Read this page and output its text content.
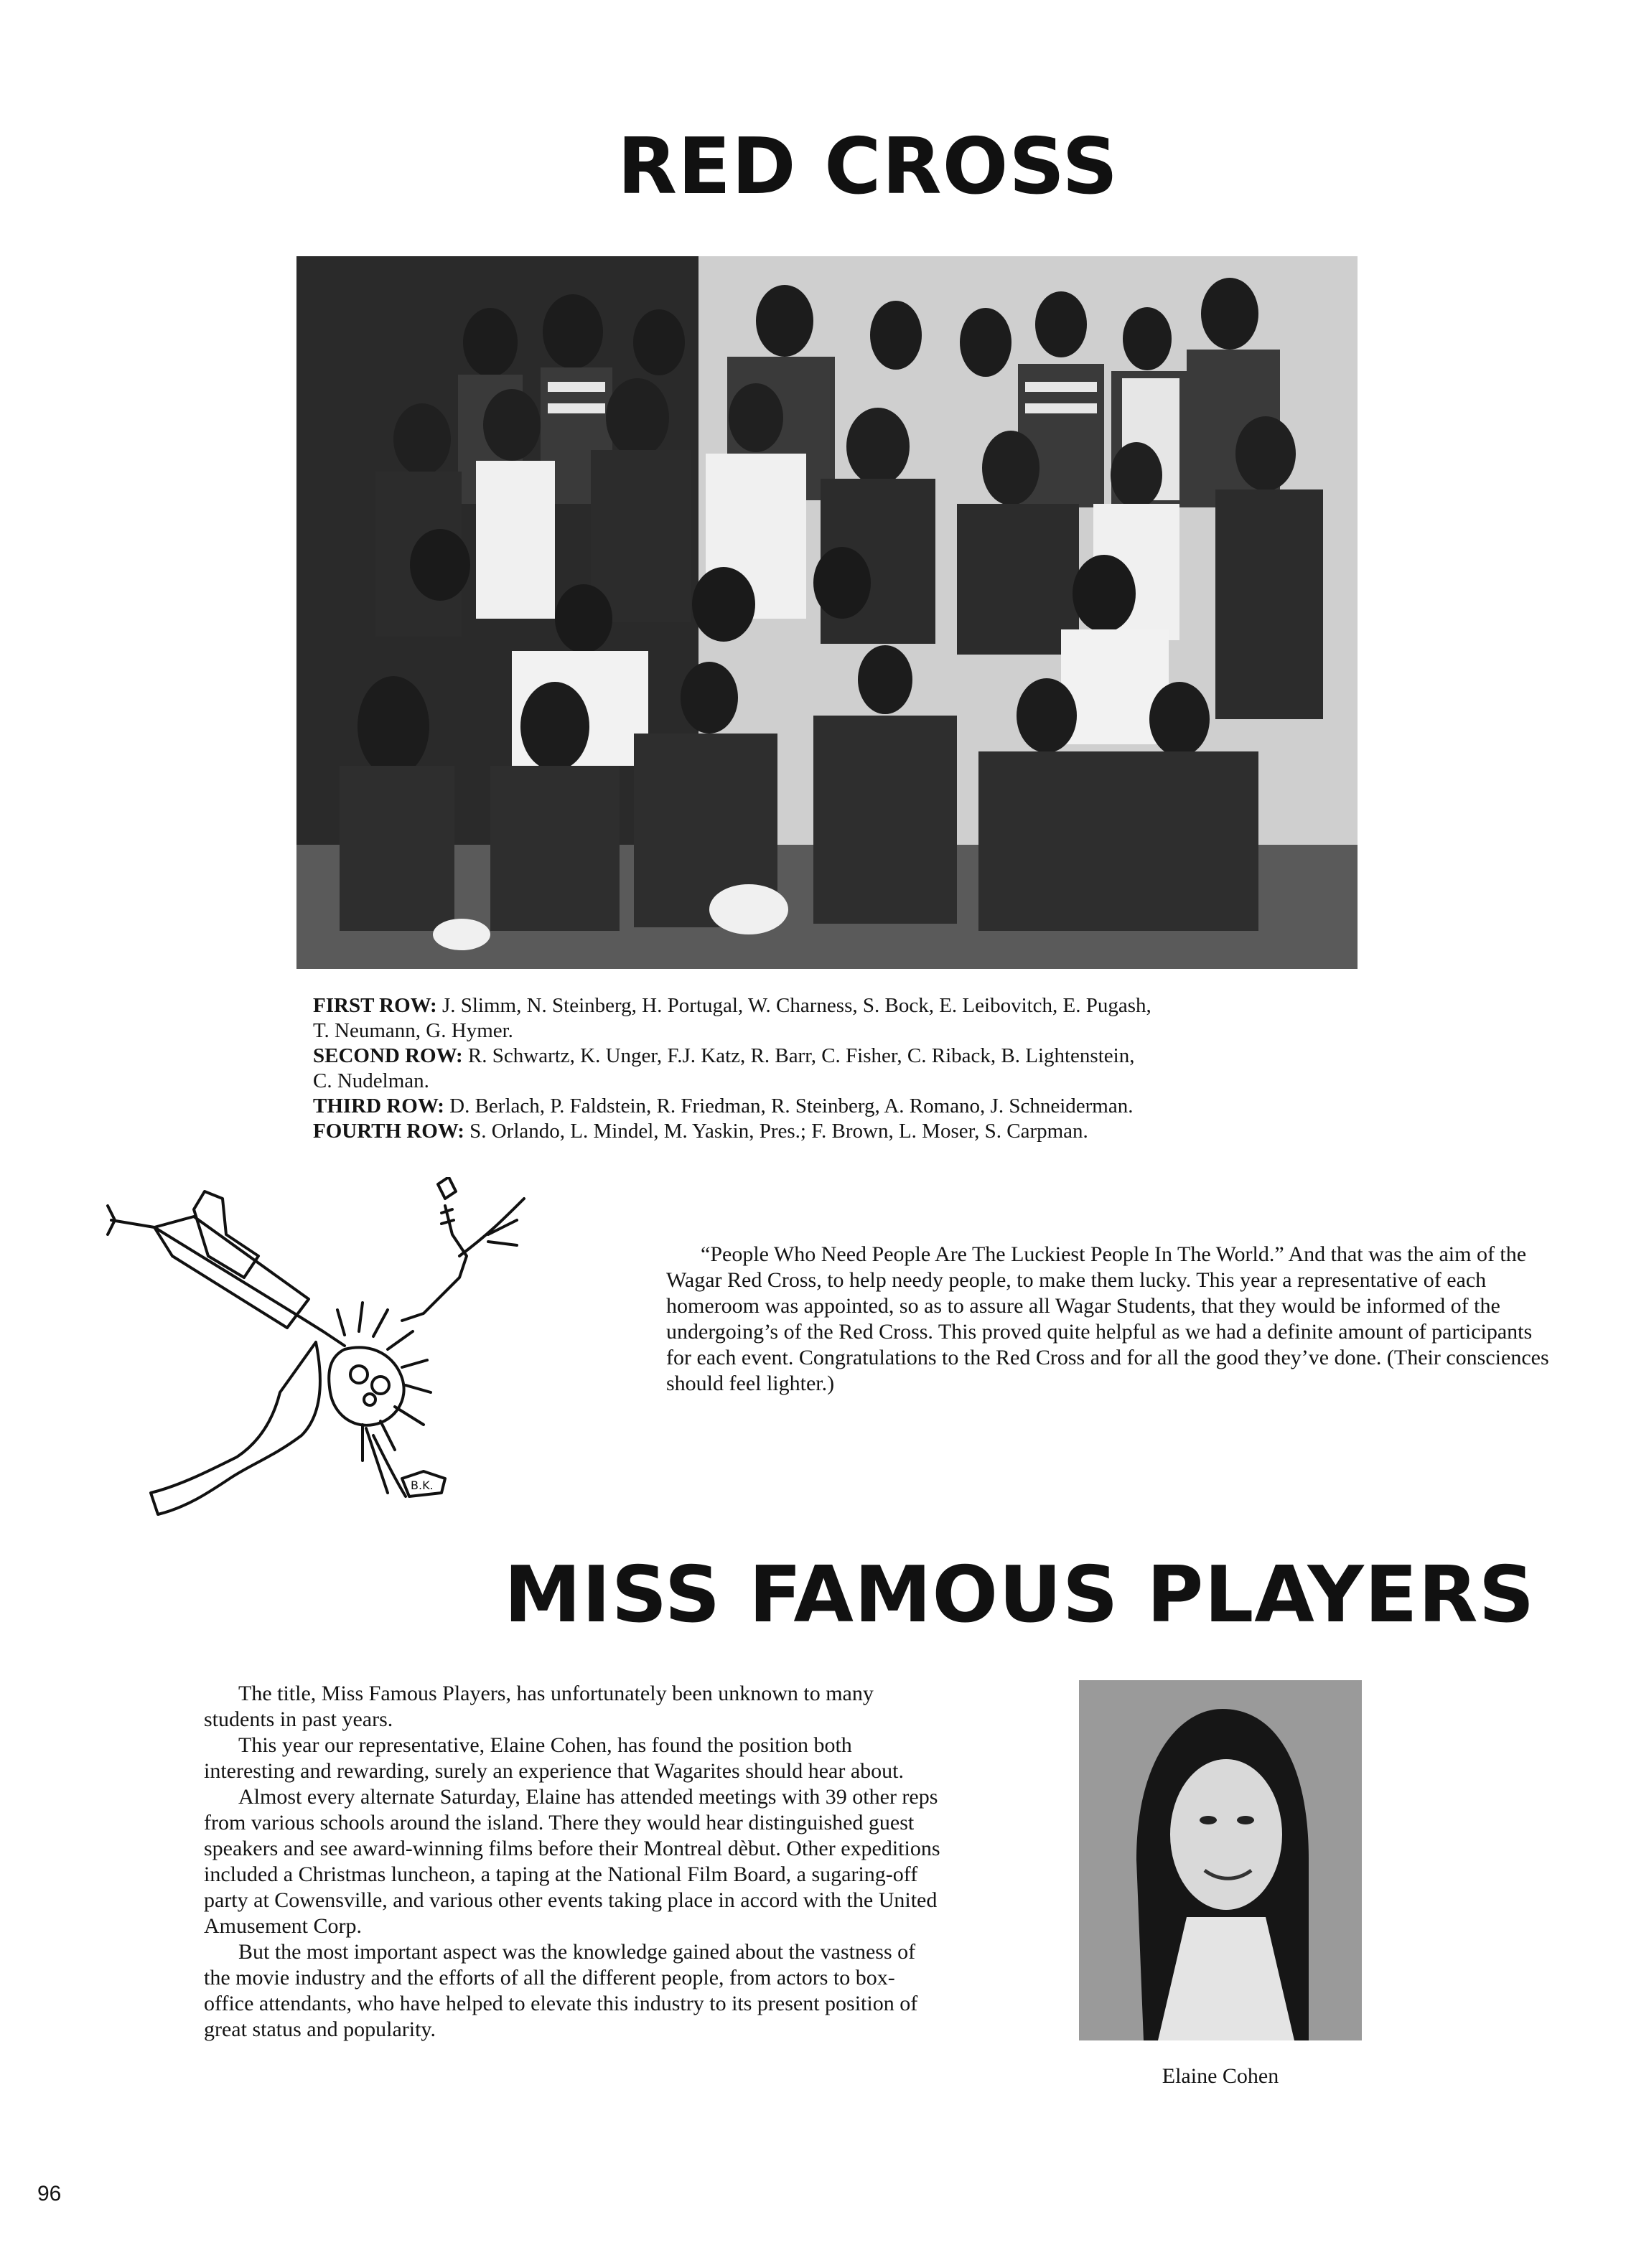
RED CROSS
FIRST ROW: J. Slimm, N. Steinberg, H. Portugal, W. Charness, S. Bock, E. Leibovitch, E. Pugash,
T. Neumann, G. Hymer.
SECOND ROW: R. Schwartz, K. Unger, F.J. Katz, R. Barr, C. Fisher, C. Riback, B. Lightenstein,
C. Nudelman.
THIRD ROW: D. Berlach, P. Faldstein, R. Friedman, R. Steinberg, A. Romano, J. Schneiderman.
FOURTH ROW: S. Orlando, L. Mindel, M. Yaskin, Pres.; F. Brown, L. Moser, S. Carpman.
B.K.

“People Who Need People Are The Luckiest People In The World.” And that was the aim of the Wagar Red Cross, to help needy people, to make them lucky. This year a representative of each homeroom was appointed, so as to assure all Wagar Students, that they would be informed of the undergoing’s of the Red Cross. This proved quite helpful as we had a definite amount of participants for each event. Congratulations to the Red Cross and for all the good they’ve done. (Their consciences should feel lighter.)

MISS FAMOUS PLAYERS

The title, Miss Famous Players, has unfortunately been unknown to many students in past years.

This year our representative, Elaine Cohen, has found the position both interesting and rewarding, surely an experience that Wagarites should hear about.

Almost every alternate Saturday, Elaine has attended meetings with 39 other reps from various schools around the island. There they would hear distinguished guest speakers and see award-winning films before their Montreal dèbut. Other expeditions included a Christmas luncheon, a taping at the National Film Board, a sugaring-off party at Cowensville, and various other events taking place in accord with the United Amusement Corp.

But the most important aspect was the knowledge gained about the vastness of the movie industry and the efforts of all the different people, from actors to box-office attendants, who have helped to elevate this industry to its present position of great status and popularity.

Elaine Cohen
96
